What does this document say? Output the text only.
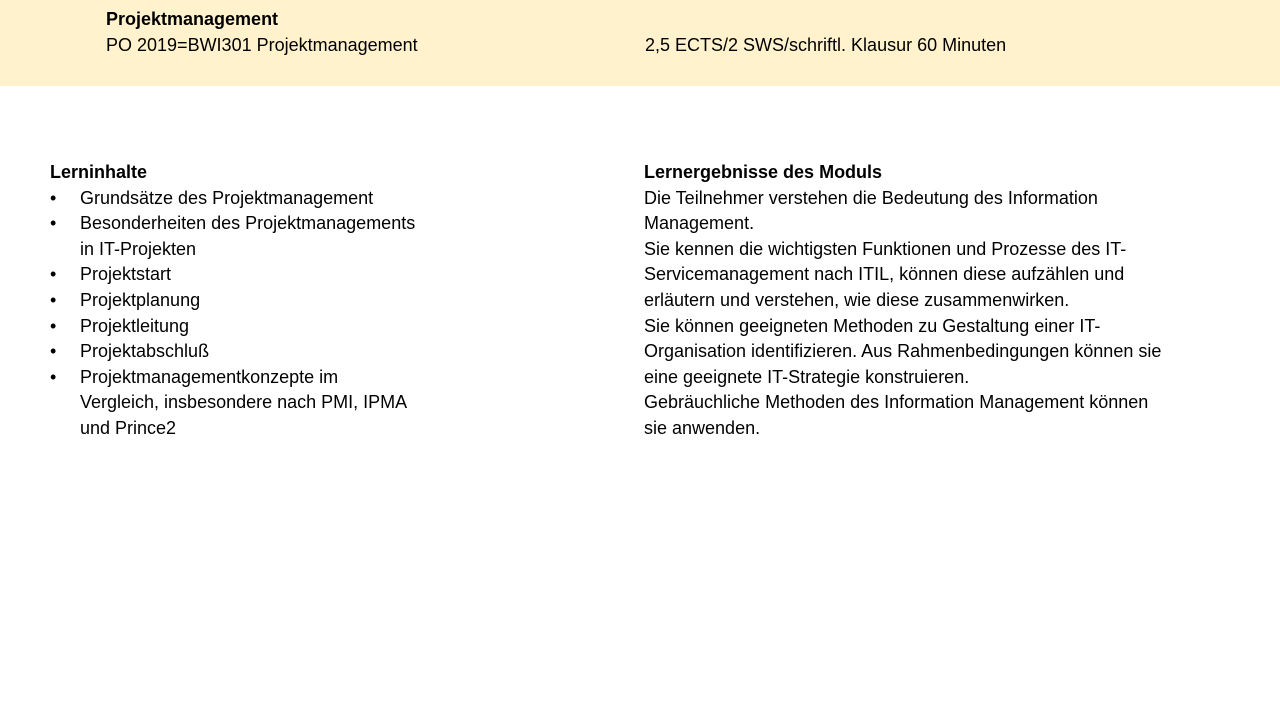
Projektmanagement
PO 2019=BWI301 Projektmanagement	2,5 ECTS/2 SWS/schriftl. Klausur 60 Minuten
Lerninhalte
• Grundsätze des Projektmanagement
• Besonderheiten des Projektmanagements in IT-Projekten
• Projektstart
• Projektplanung
• Projektleitung
• Projektabschluß
• Projektmanagementkonzepte im Vergleich, insbesondere nach PMI, IPMA und Prince2
Lernergebnisse des Moduls

Die Teilnehmer verstehen die Bedeutung des Information Management.

Sie kennen die wichtigsten Funktionen und Prozesse des IT-Servicemanagement nach ITIL, können diese aufzählen und erläutern und verstehen, wie diese zusammenwirken.

Sie können geeigneten Methoden zu Gestaltung einer IT-Organisation identifizieren. Aus Rahmenbedingungen können sie eine geeignete IT-Strategie konstruieren.

Gebräuchliche Methoden des Information Management können sie anwenden.
